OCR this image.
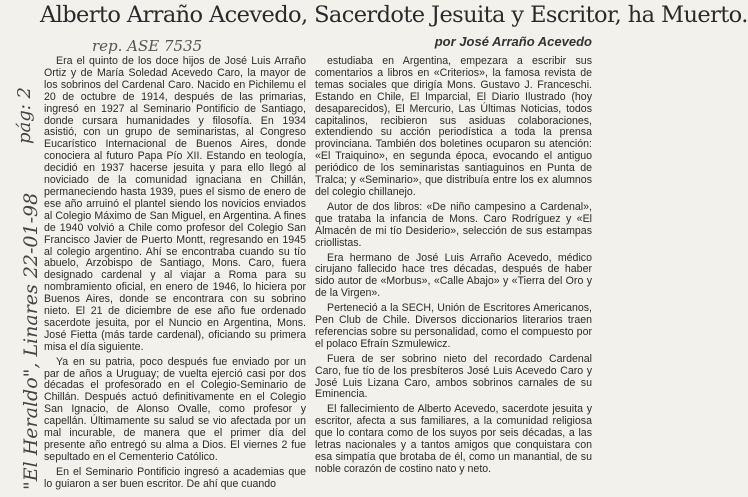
pág: 2
"El Heraldo", Linares 22-01-98
Alberto Arraño Acevedo, Sacerdote Jesuita y Escritor, ha Muerto.
rep. ASE 7535	por José Arraño Acevedo

Era el quinto de los doce hijos de José Luis Arraño Ortiz y de María Soledad Acevedo Caro, la mayor de los sobrinos del Cardenal Caro. Nacido en Pichilemu el 20 de octubre de 1914, después de las primarias, ingresó en 1927 al Seminario Pontificio de Santiago, donde cursara humanidades y filosofía. En 1934 asistió, con un grupo de seminaristas, al Congreso Eucarístico Internacional de Buenos Aires, donde conociera al futuro Papa Pío XII. Estando en teología, decidió en 1937 hacerse jesuita y para ello llegó al noviciado de la comunidad ignaciana en Chillán, permaneciendo hasta 1939, pues el sismo de enero de ese año arruinó el plantel siendo los novicios enviados al Colegio Máximo de San Miguel, en Argentina. A fines de 1940 volvió a Chile como profesor del Colegio San Francisco Javier de Puerto Montt, regresando en 1945 al colegio argentino. Ahí se encontraba cuando su tío abuelo, Arzobispo de Santiago, Mons. Caro, fuera designado cardenal y al viajar a Roma para su nombramiento oficial, en enero de 1946, lo hiciera por Buenos Aires, donde se encontrara con su sobrino nieto. El 21 de diciembre de ese año fue ordenado sacerdote jesuita, por el Nuncio en Argentina, Mons. José Fietta (más tarde cardenal), oficiando su primera misa el día siguiente.

Ya en su patria, poco después fue enviado por un par de años a Uruguay; de vuelta ejerció casi por dos décadas el profesorado en el Colegio-Seminario de Chillán. Después actuó definitivamente en el Colegio San Ignacio, de Alonso Ovalle, como profesor y capellán. Últimamente su salud se vio afectada por un mal incurable, de manera que el primer día del presente año entregó su alma a Dios. El viernes 2 fue sepultado en el Cementerio Católico.

En el Seminario Pontificio ingresó a academias que lo guiaron a ser buen escritor. De ahí que cuando

estudiaba en Argentina, empezara a escribir sus comentarios a libros en «Criterios», la famosa revista de temas sociales que dirigía Mons. Gustavo J. Franceschi. Estando en Chile, El Imparcial, El Diario Ilustrado (hoy desaparecidos), El Mercurio, Las Últimas Noticias, todos capitalinos, recibieron sus asiduas colaboraciones, extendiendo su acción periodística a toda la prensa provinciana. También dos boletines ocuparon su atención: «El Traiquino», en segunda época, evocando el antiguo periódico de los seminaristas santiaguinos en Punta de Tralca; y «Seminario», que distribuía entre los ex alumnos del colegio chillanejo.

Autor de dos libros: «De niño campesino a Cardenal», que trataba la infancia de Mons. Caro Rodríguez y «El Almacén de mi tío Desiderio», selección de sus estampas criollistas.

Era hermano de José Luis Arraño Acevedo, médico cirujano fallecido hace tres décadas, después de haber sido autor de «Morbus», «Calle Abajo» y «Tierra del Oro y de la Virgen».

Perteneció a la SECH, Unión de Escritores Americanos, Pen Club de Chile. Diversos diccionarios literarios traen referencias sobre su personalidad, como el compuesto por el polaco Efraín Szmulewicz.

Fuera de ser sobrino nieto del recordado Cardenal Caro, fue tío de los presbíteros José Luis Acevedo Caro y José Luis Lizana Caro, ambos sobrinos carnales de su Eminencia.

El fallecimiento de Alberto Acevedo, sacerdote jesuita y escritor, afecta a sus familiares, a la comunidad religiosa que lo contara como de los suyos por seis décadas, a las letras nacionales y a tantos amigos que conquistara con esa simpatía que brotaba de él, como un manantial, de su noble corazón de costino nato y neto.
